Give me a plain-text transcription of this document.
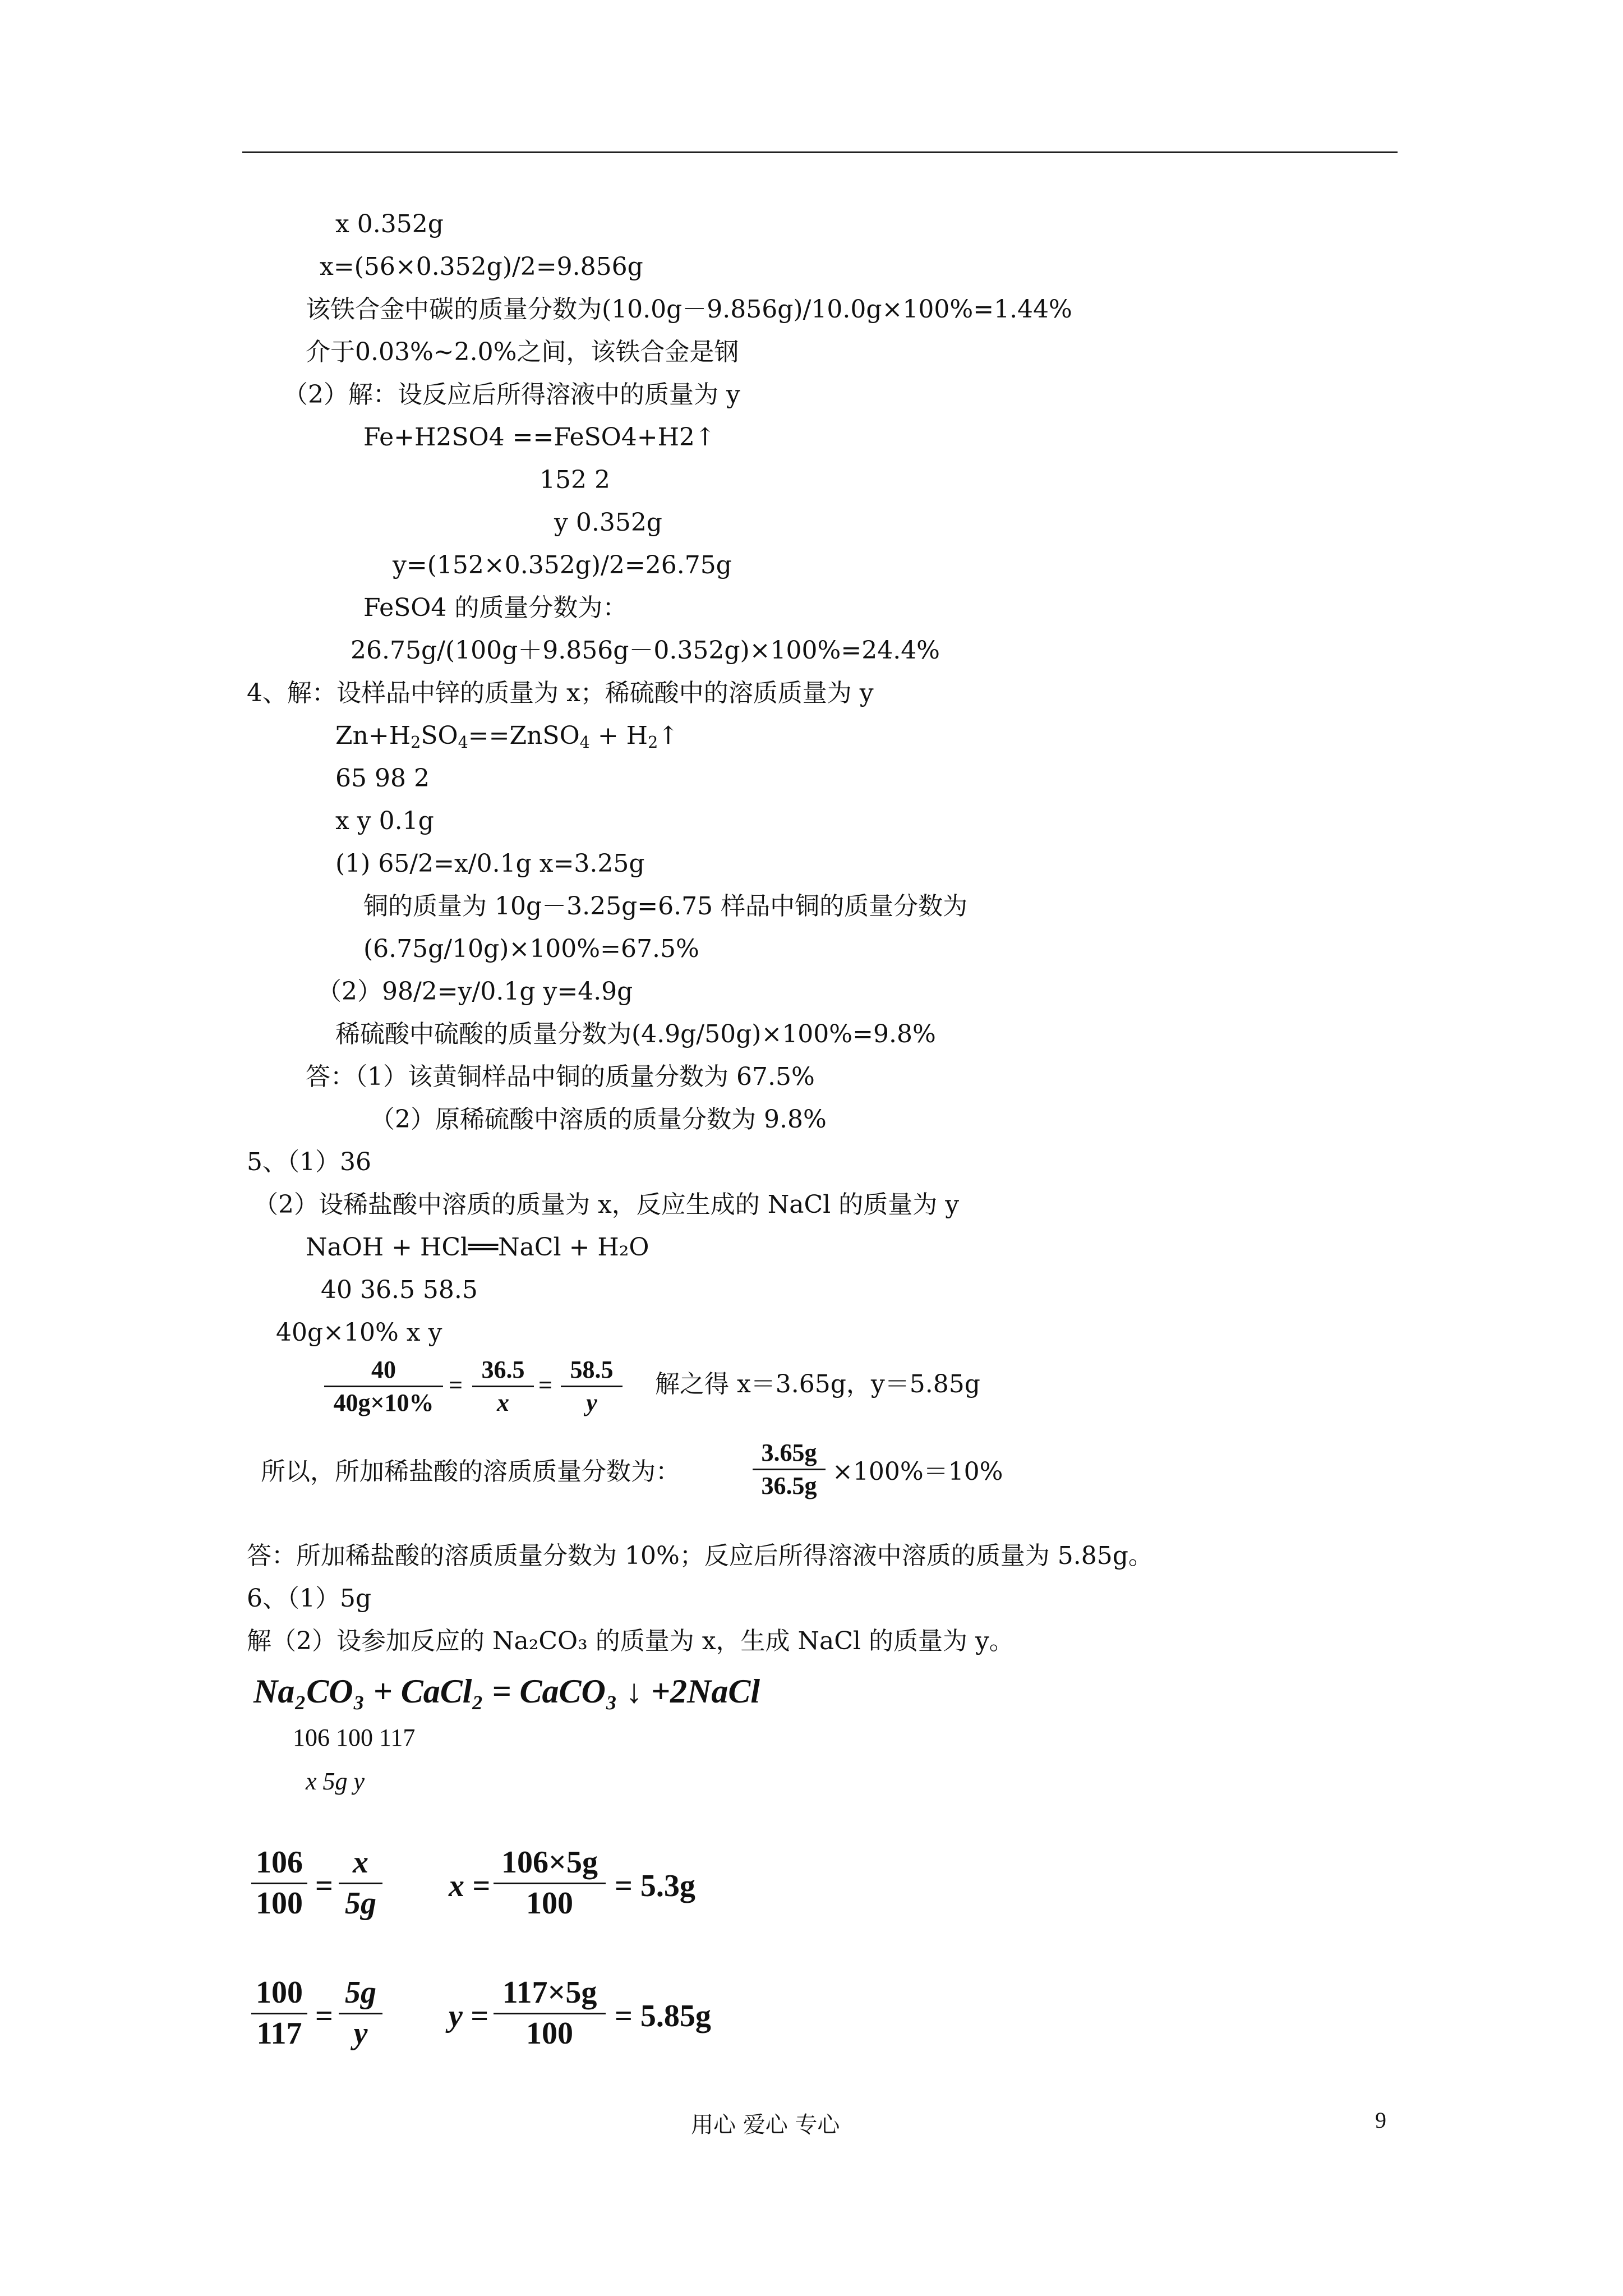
x 0.352g
x=(56×0.352g)/2=9.856g
该铁合金中碳的质量分数为(10.0g－9.856g)/10.0g×100%=1.44%
介于0.03%~2.0%之间，该铁合金是钢
（2）解：设反应后所得溶液中的质量为 y
Fe+H2SO4 ==FeSO4+H2↑
152 2
y 0.352g
y=(152×0.352g)/2=26.75g
FeSO4 的质量分数为：
26.75g/(100g＋9.856g－0.352g)×100%=24.4%
4、解：设样品中锌的质量为 x；稀硫酸中的溶质质量为 y
$Zn+H_2SO_4==ZnSO_4$ + $H_2↑$
65 98 2
x y 0.1g
(1) 65/2=x/0.1g x=3.25g
铜的质量为 10g－3.25g=6.75 样品中铜的质量分数为
(6.75g/10g)×100%=67.5%
（2）98/2=y/0.1g y=4.9g
稀硫酸中硫酸的质量分数为(4.9g/50g)×100%=9.8%
答：（1）该黄铜样品中铜的质量分数为 67.5%
（2）原稀硫酸中溶质的质量分数为 9.8%
5、（1）36
（2）设稀盐酸中溶质的质量为 x，反应生成的 NaCl 的质量为 y
NaOH + HCl══NaCl + H₂O
40 36.5 58.5
40g×10% x y
40
40g×10%
=
36.5
x
=
58.5
y
解之得 x＝3.65g，y＝5.85g
所以，所加稀盐酸的溶质质量分数为：
3.65g
36.5g ×100%＝10%
答：所加稀盐酸的溶质质量分数为 10%；反应后所得溶液中溶质的质量为 5.85g。
6、（1）5g
解（2）设参加反应的 Na₂CO₃ 的质量为 x，生成 NaCl 的质量为 y。
Na₂CO₃ + CaCl₂ = CaCO₃ ↓ +2NaCl
106 100 117
x 5g y
106
100 =
x
5g x =
106×5g
100 = 5.3g
100
117 =
5g
y	y =
117×5g
100 = 5.85g
用心 爱心 专心	9
